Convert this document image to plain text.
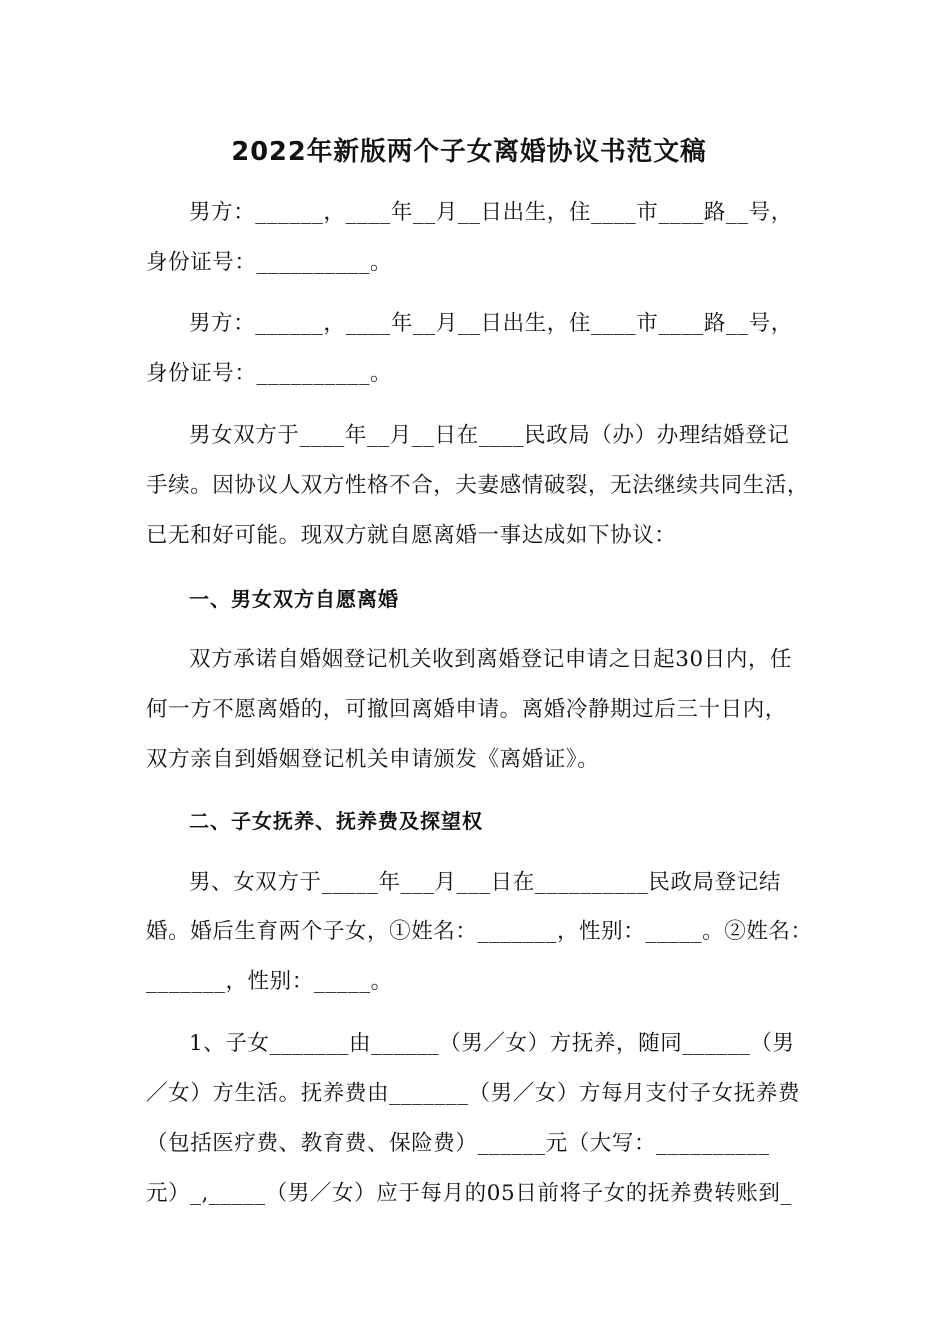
2022年新版两个子女离婚协议书范文稿
男方：______，____年__月__日出生，住____市____路__号，
身份证号：__________。
男方：______，____年__月__日出生，住____市____路__号，
身份证号：__________。
男女双方于____年__月__日在____民政局（办）办理结婚登记
手续。因协议人双方性格不合，夫妻感情破裂，无法继续共同生活，
已无和好可能。现双方就自愿离婚一事达成如下协议：
一、男女双方自愿离婚
双方承诺自婚姻登记机关收到离婚登记申请之日起30日内，任
何一方不愿离婚的，可撤回离婚申请。离婚冷静期过后三十日内，
双方亲自到婚姻登记机关申请颁发《离婚证》。
二、子女抚养、抚养费及探望权
男、女双方于_____年___月___日在__________民政局登记结
婚。婚后生育两个子女，①姓名：_______，性别：_____。②姓名：
_______，性别：_____。
1、子女_______由______（男／女）方抚养，随同______（男
／女）方生活。抚养费由_______（男／女）方每月支付子女抚养费
（包括医疗费、教育费、保险费）______元（大写：__________
元）_,_____（男／女）应于每月的05日前将子女的抚养费转账到_
